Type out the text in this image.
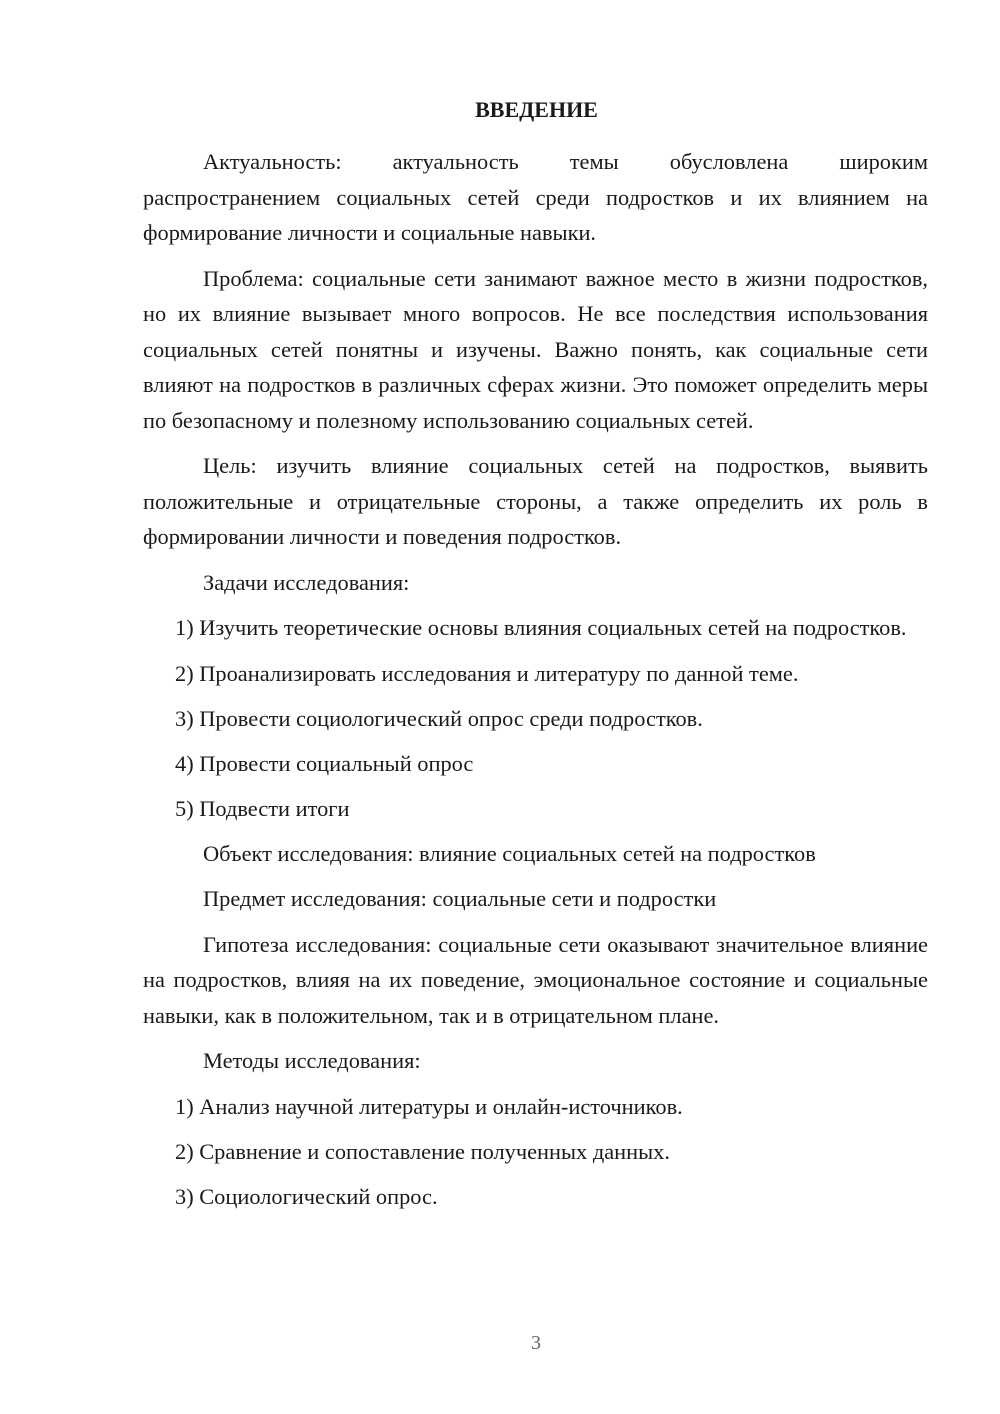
ВВЕДЕНИЕ

Актуальность: актуальность темы обусловлена широким распространением социальных сетей среди подростков и их влиянием на формирование личности и социальные навыки.

Проблема: социальные сети занимают важное место в жизни подростков, но их влияние вызывает много вопросов. Не все последствия использования социальных сетей понятны и изучены. Важно понять, как социальные сети влияют на подростков в различных сферах жизни. Это поможет определить меры по безопасному и полезному использованию социальных сетей.

Цель: изучить влияние социальных сетей на подростков, выявить положительные и отрицательные стороны, а также определить их роль в формировании личности и поведения подростков.

Задачи исследования:

1) Изучить теоретические основы влияния социальных сетей на подростков.

2) Проанализировать исследования и литературу по данной теме.

3) Провести социологический опрос среди подростков.

4) Провести социальный опрос

5) Подвести итоги

Объект исследования: влияние социальных сетей на подростков

Предмет исследования: социальные сети и подростки

Гипотеза исследования: социальные сети оказывают значительное влияние на подростков, влияя на их поведение, эмоциональное состояние и социальные навыки, как в положительном, так и в отрицательном плане.

Методы исследования:

1) Анализ научной литературы и онлайн-источников.

2) Сравнение и сопоставление полученных данных.

3) Социологический опрос.

3
